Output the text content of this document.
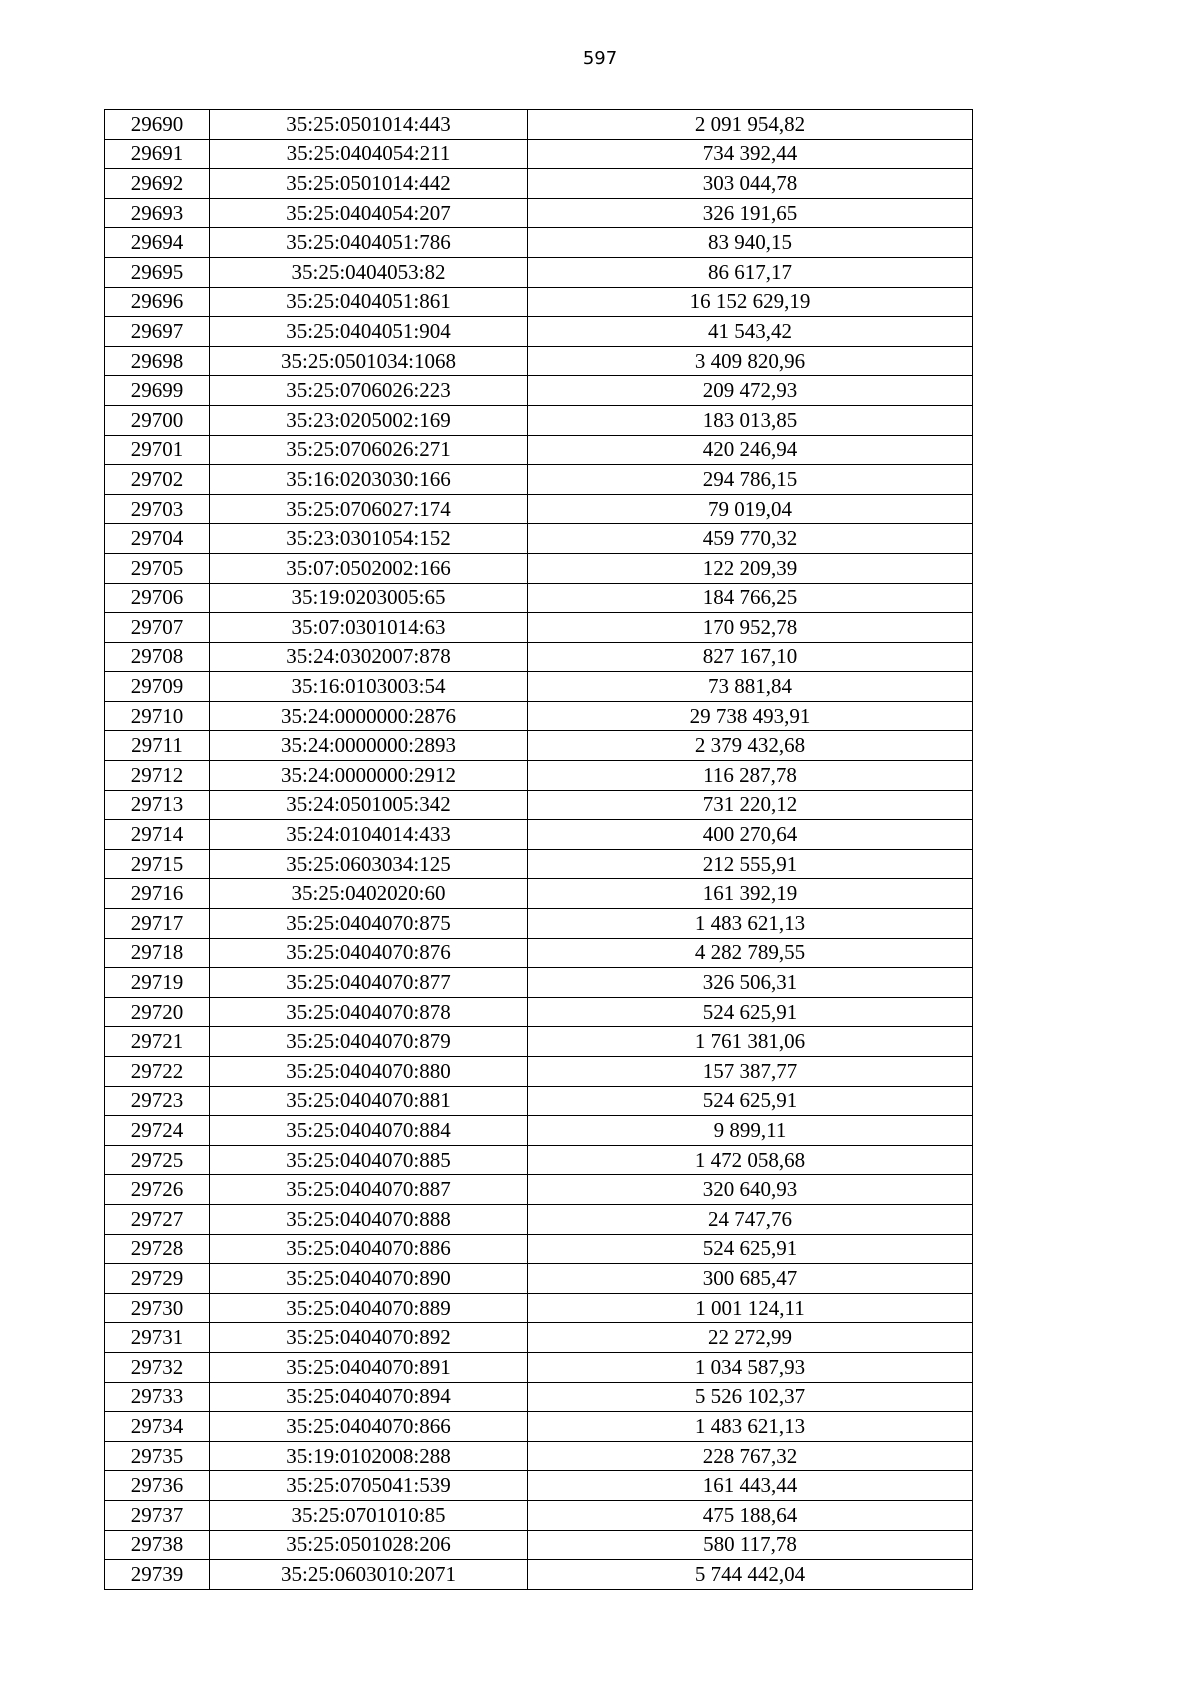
597
29690	35:25:0501014:443	2 091 954,82
29691	35:25:0404054:211	734 392,44
29692	35:25:0501014:442	303 044,78
29693	35:25:0404054:207	326 191,65
29694	35:25:0404051:786	83 940,15
29695	35:25:0404053:82	86 617,17
29696	35:25:0404051:861	16 152 629,19
29697	35:25:0404051:904	41 543,42
29698	35:25:0501034:1068	3 409 820,96
29699	35:25:0706026:223	209 472,93
29700	35:23:0205002:169	183 013,85
29701	35:25:0706026:271	420 246,94
29702	35:16:0203030:166	294 786,15
29703	35:25:0706027:174	79 019,04
29704	35:23:0301054:152	459 770,32
29705	35:07:0502002:166	122 209,39
29706	35:19:0203005:65	184 766,25
29707	35:07:0301014:63	170 952,78
29708	35:24:0302007:878	827 167,10
29709	35:16:0103003:54	73 881,84
29710	35:24:0000000:2876	29 738 493,91
29711	35:24:0000000:2893	2 379 432,68
29712	35:24:0000000:2912	116 287,78
29713	35:24:0501005:342	731 220,12
29714	35:24:0104014:433	400 270,64
29715	35:25:0603034:125	212 555,91
29716	35:25:0402020:60	161 392,19
29717	35:25:0404070:875	1 483 621,13
29718	35:25:0404070:876	4 282 789,55
29719	35:25:0404070:877	326 506,31
29720	35:25:0404070:878	524 625,91
29721	35:25:0404070:879	1 761 381,06
29722	35:25:0404070:880	157 387,77
29723	35:25:0404070:881	524 625,91
29724	35:25:0404070:884	9 899,11
29725	35:25:0404070:885	1 472 058,68
29726	35:25:0404070:887	320 640,93
29727	35:25:0404070:888	24 747,76
29728	35:25:0404070:886	524 625,91
29729	35:25:0404070:890	300 685,47
29730	35:25:0404070:889	1 001 124,11
29731	35:25:0404070:892	22 272,99
29732	35:25:0404070:891	1 034 587,93
29733	35:25:0404070:894	5 526 102,37
29734	35:25:0404070:866	1 483 621,13
29735	35:19:0102008:288	228 767,32
29736	35:25:0705041:539	161 443,44
29737	35:25:0701010:85	475 188,64
29738	35:25:0501028:206	580 117,78
29739	35:25:0603010:2071	5 744 442,04
